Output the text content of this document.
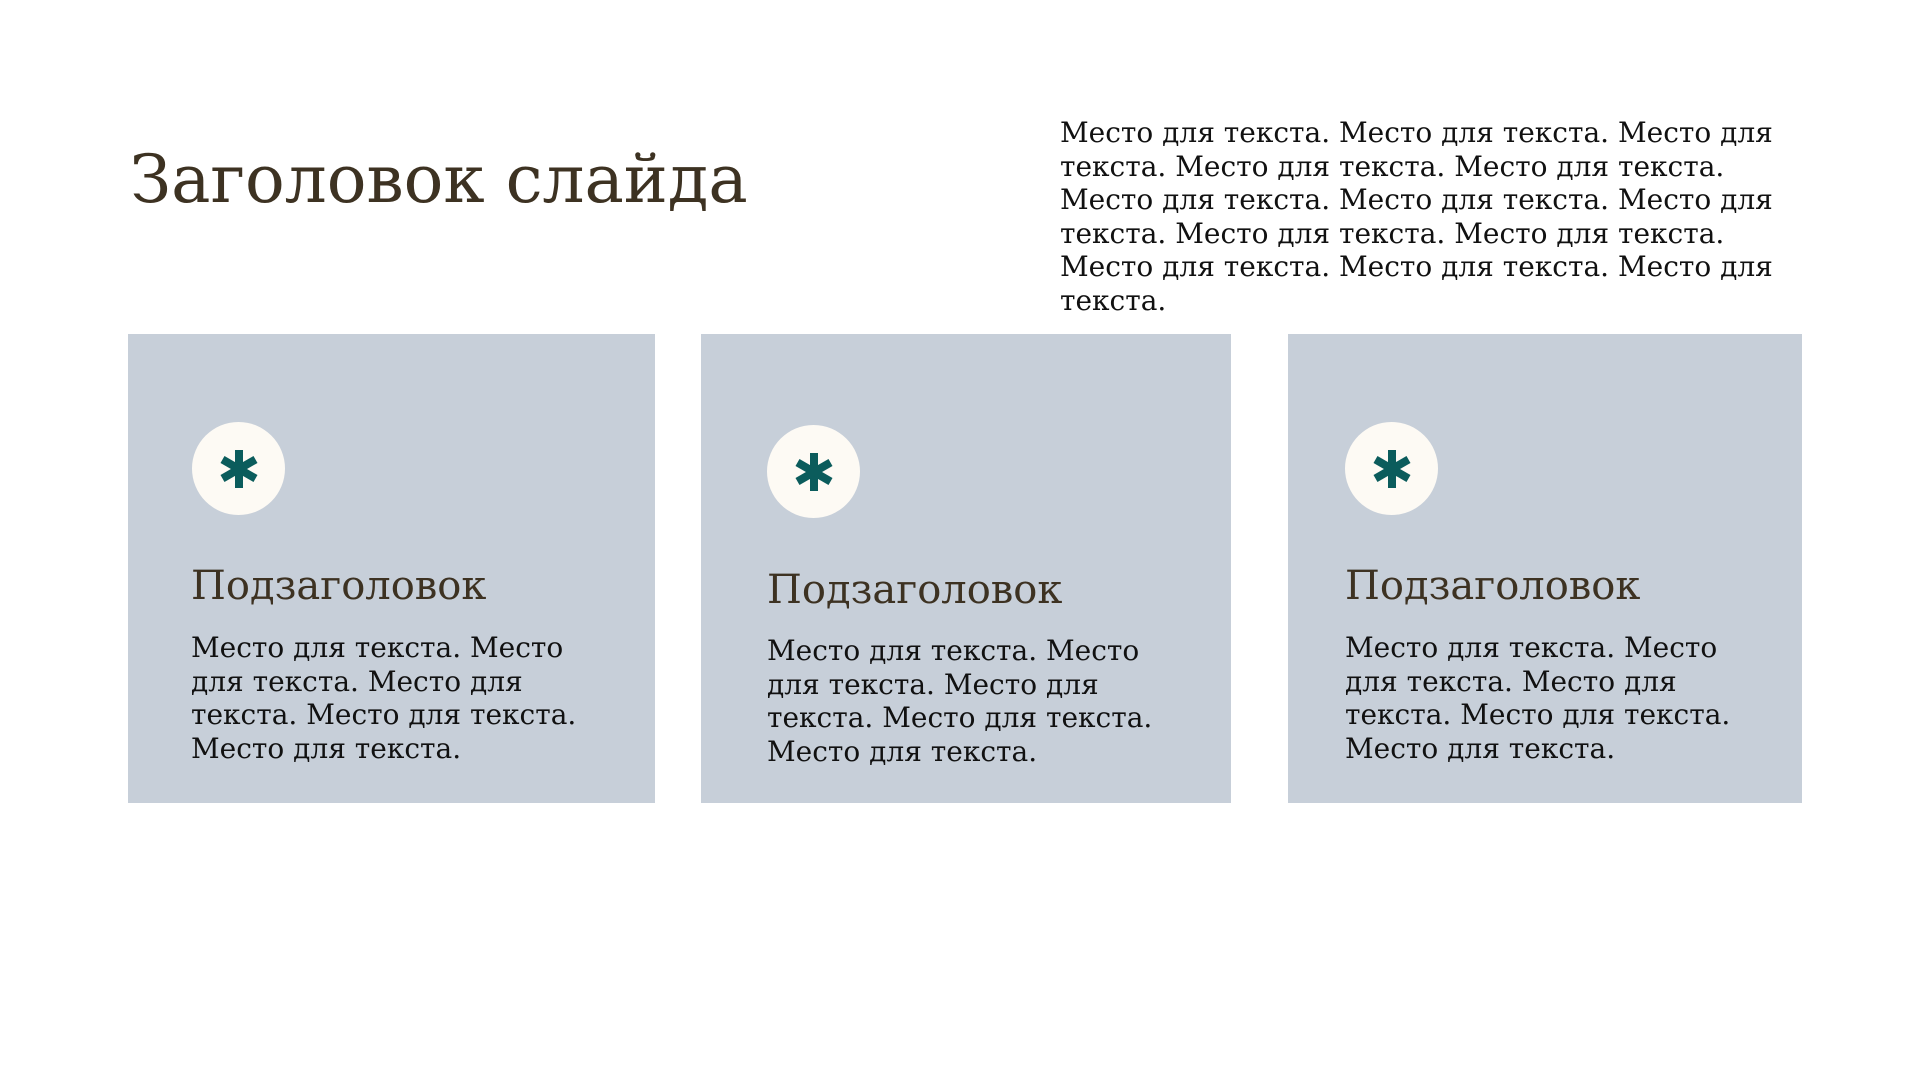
Заголовок слайда

Место для текста. Место для текста. Место для текста. Место для текста. Место для текста. Место для текста. Место для текста. Место для текста. Место для текста. Место для текста. Место для текста. Место для текста. Место для текста.

Подзаголовок

Место для текста. Место для текста. Место для текста. Место для текста. Место для текста.

Подзаголовок

Место для текста. Место для текста. Место для текста. Место для текста. Место для текста.

Подзаголовок

Место для текста. Место для текста. Место для текста. Место для текста. Место для текста.
